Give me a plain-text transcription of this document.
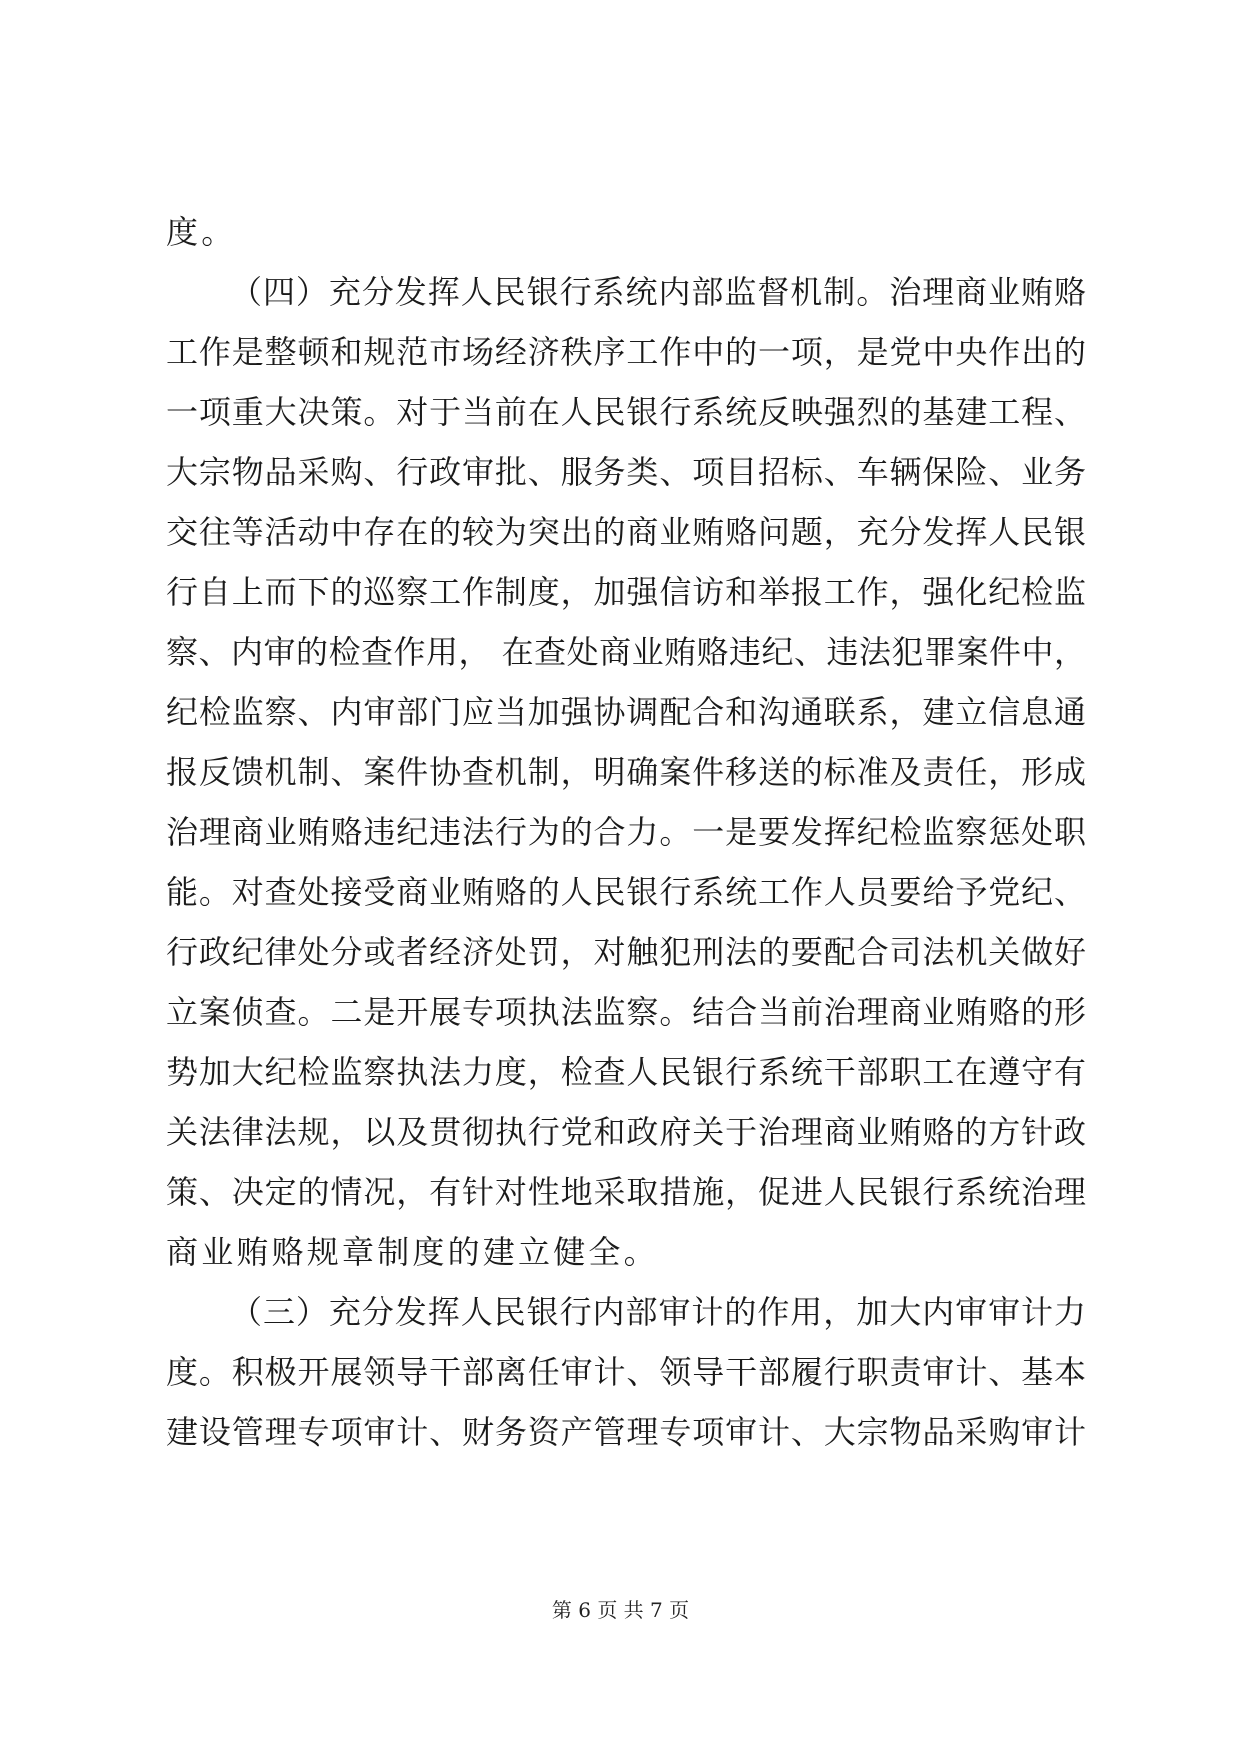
度。
（四）充分发挥人民银行系统内部监督机制。治理商业贿赂
工作是整顿和规范市场经济秩序工作中的一项，是党中央作出的
一项重大决策。对于当前在人民银行系统反映强烈的基建工程、
大宗物品采购、行政审批、服务类、项目招标、车辆保险、业务
交往等活动中存在的较为突出的商业贿赂问题，充分发挥人民银
行自上而下的巡察工作制度，加强信访和举报工作，强化纪检监
察、内审的检查作用， 在查处商业贿赂违纪、违法犯罪案件中，
纪检监察、内审部门应当加强协调配合和沟通联系，建立信息通
报反馈机制、案件协查机制，明确案件移送的标准及责任，形成
治理商业贿赂违纪违法行为的合力。一是要发挥纪检监察惩处职
能。对查处接受商业贿赂的人民银行系统工作人员要给予党纪、
行政纪律处分或者经济处罚，对触犯刑法的要配合司法机关做好
立案侦查。二是开展专项执法监察。结合当前治理商业贿赂的形
势加大纪检监察执法力度，检查人民银行系统干部职工在遵守有
关法律法规，以及贯彻执行党和政府关于治理商业贿赂的方针政
策、决定的情况，有针对性地采取措施，促进人民银行系统治理
商业贿赂规章制度的建立健全。
（三）充分发挥人民银行内部审计的作用，加大内审审计力
度。积极开展领导干部离任审计、领导干部履行职责审计、基本
建设管理专项审计、财务资产管理专项审计、大宗物品采购审计
第 6 页 共 7 页
